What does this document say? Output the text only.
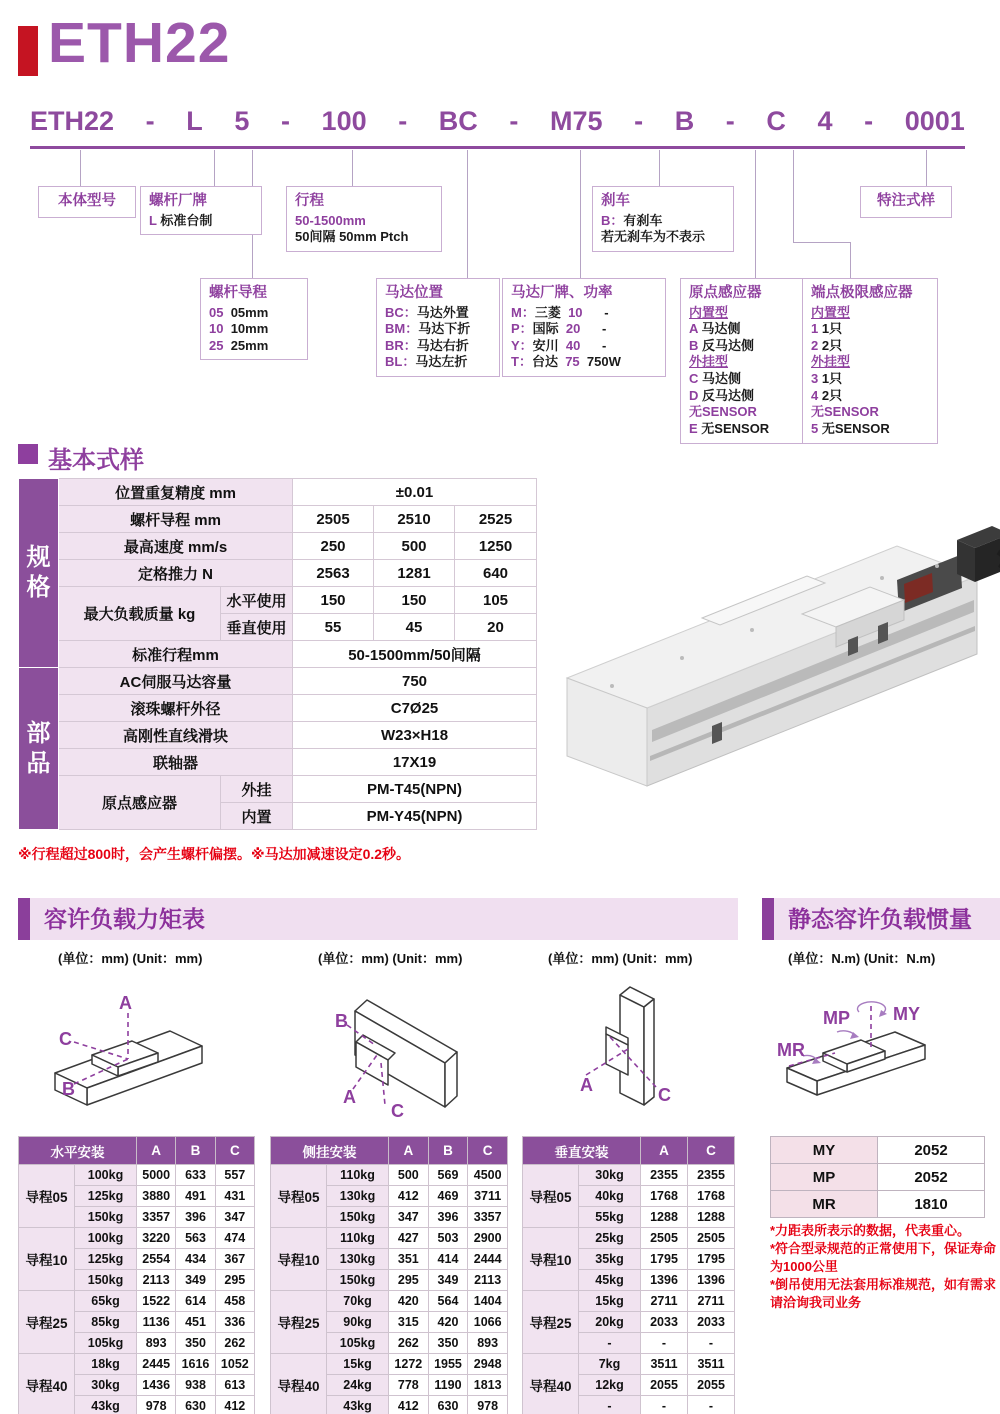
ETH22
ETH22 - L 5 - 100 - BC - M75 - B - C 4 - 0001
本体型号	螺杆厂牌
L 标准台制
行程
50-1500mm
50间隔 50mm Ptch
刹车
B：有刹车
若无刹车为不表示
特注式样
螺杆导程
05  05mm
10  10mm
25  25mm
马达位置
BC：马达外置
BM：马达下折
BR：马达右折
BL：马达左折
马达厂牌、功率
M：三菱  10      -
P：国际  20      -
Y：安川  40      -
T：台达  75  750W
原点感应器
内置型
A 马达侧
B 反马达侧
外挂型
C 马达侧
D 反马达侧
无SENSOR
E 无SENSOR
端点极限感应器
内置型
1 1只
2 2只
外挂型
3 1只
4 2只
无SENSOR
5 无SENSOR
基本式样
规格	位置重复精度 mm		±0.01		
	螺杆导程 mm		2505	2510	2525
	最高速度 mm/s		250	500	1250
	定格推力 N		2563	1281	640
	最大负载质量 kg	水平使用	150	150	105
		垂直使用	55	45	20
	标准行程mm		50-1500mm/50间隔		
部品	AC伺服马达容量		750		
	滚珠螺杆外径		C7Ø25		
	高刚性直线滑块		W23×H18		
	联轴器		17X19		
	原点感应器	外挂	PM-T45(NPN)		
		内置	PM-Y45(NPN)		
※行程超过800时，会产生螺杆偏摆。※马达加减速设定0.2秒。
容许负载力矩表	静态容许负载惯量
(单位：mm) (Unit：mm)	(单位：mm) (Unit：mm)	(单位：mm) (Unit：mm)	(单位：N.m) (Unit：N.m)
A
C
B
B
A
C
A	C
MY
MP
MR
水平安装		A	B	C
导程05	100kg	5000	633	557
	125kg	3880	491	431
	150kg	3357	396	347
导程10	100kg	3220	563	474
	125kg	2554	434	367
	150kg	2113	349	295
导程25	65kg	1522	614	458
	85kg	1136	451	336
	105kg	893	350	262
导程40	18kg	2445	1616	1052
	30kg	1436	938	613
	43kg	978	630	412
侧挂安装		A	B	C
导程05	110kg	500	569	4500
	130kg	412	469	3711
	150kg	347	396	3357
导程10	110kg	427	503	2900
	130kg	351	414	2444
	150kg	295	349	2113
导程25	70kg	420	564	1404
	90kg	315	420	1066
	105kg	262	350	893
导程40	15kg	1272	1955	2948
	24kg	778	1190	1813
	43kg	412	630	978
垂直安装		A	C
导程05	30kg	2355	2355
	40kg	1768	1768
	55kg	1288	1288
导程10	25kg	2505	2505
	35kg	1795	1795
	45kg	1396	1396
导程25	15kg	2711	2711
	20kg	2033	2033
	-	-	-
导程40	7kg	3511	3511
	12kg	2055	2055
	-	-	-
MY	2052
MP	2052
MR	1810
*力距表所表示的数据，代表重心。
*符合型录规范的正常使用下，保证寿命为1000公里
*倒吊使用无法套用标准规范，如有需求请洽询我司业务
